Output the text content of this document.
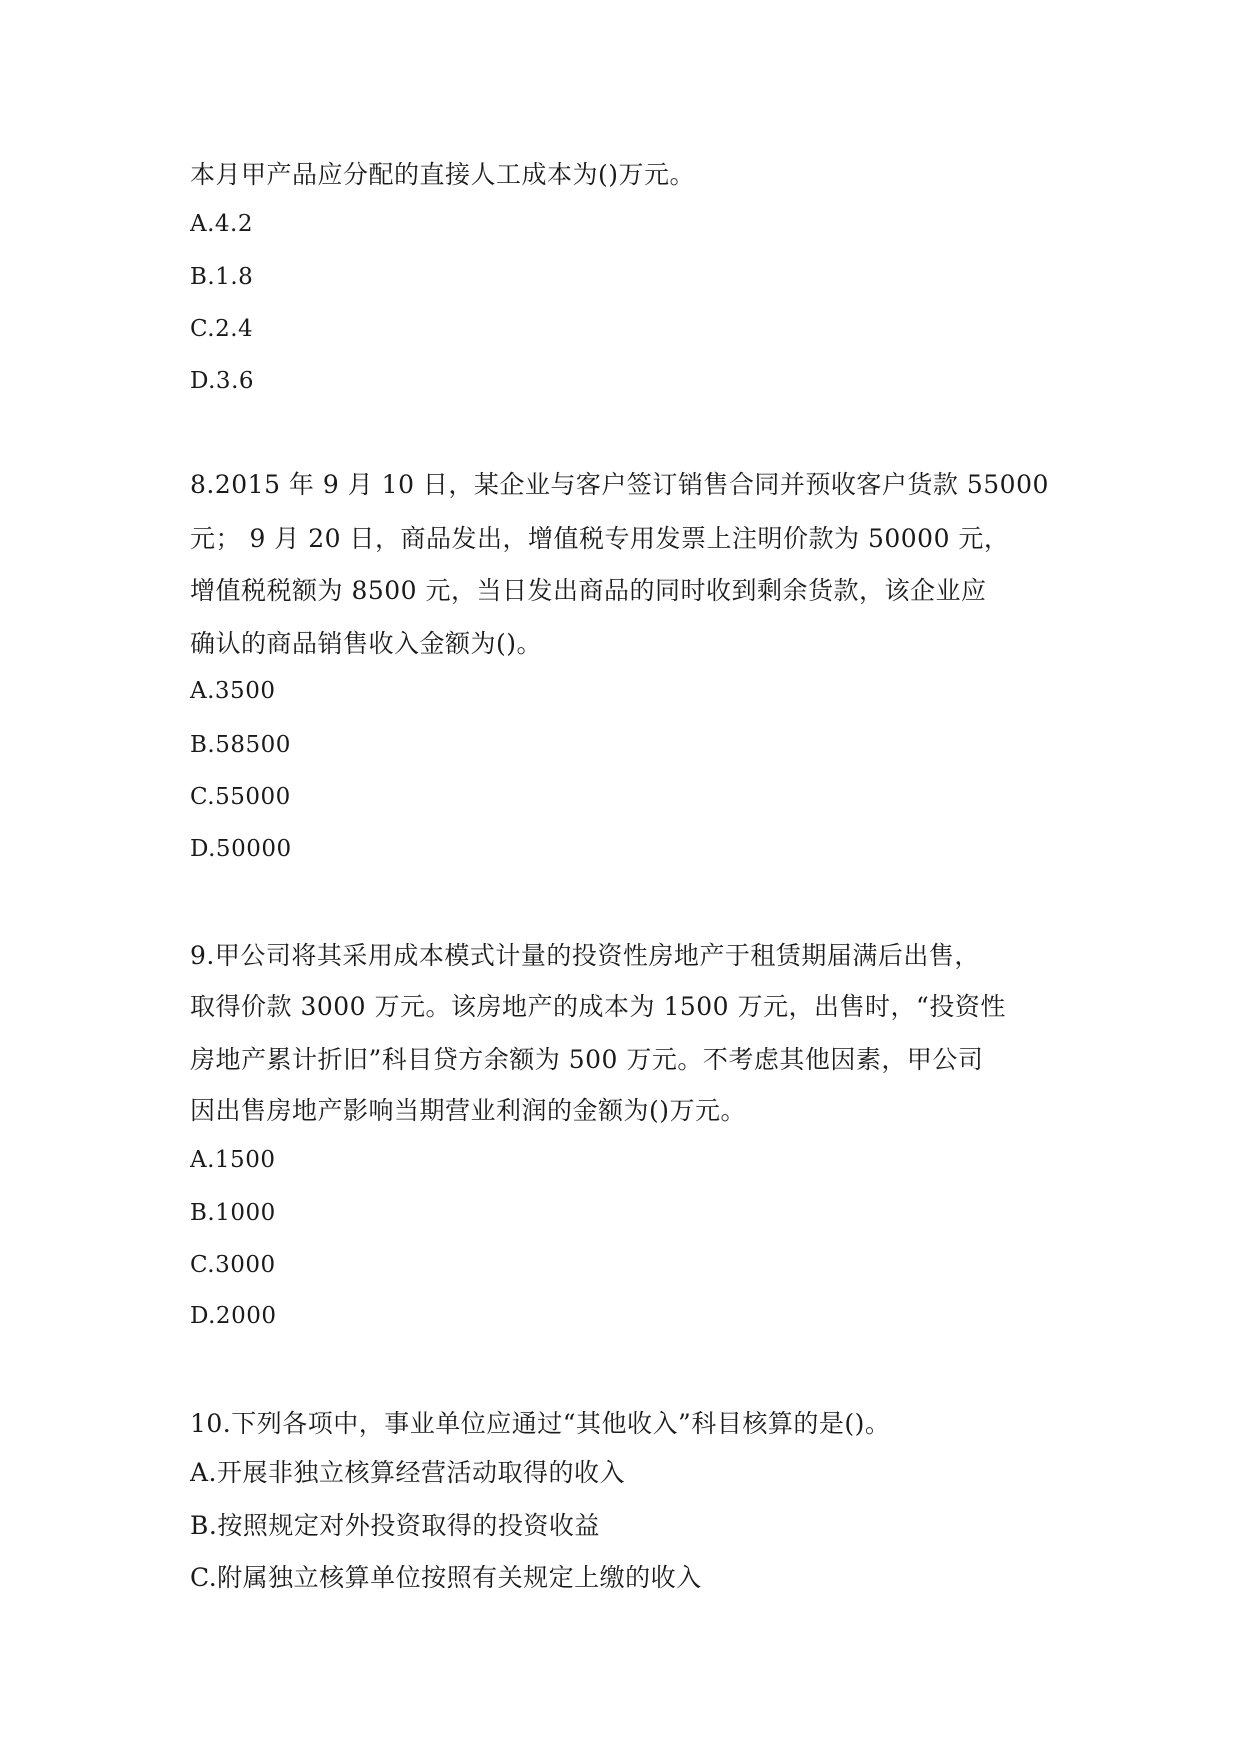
本月甲产品应分配的直接人工成本为()万元。
A.4.2
B.1.8
C.2.4
D.3.6
8.2015 年 9 月 10 日，某企业与客户签订销售合同并预收客户货款 55000
元； 9 月 20 日，商品发出，增值税专用发票上注明价款为 50000 元，
增值税税额为 8500 元，当日发出商品的同时收到剩余货款，该企业应
确认的商品销售收入金额为()。
A.3500
B.58500
C.55000
D.50000
9.甲公司将其采用成本模式计量的投资性房地产于租赁期届满后出售，
取得价款 3000 万元。该房地产的成本为 1500 万元，出售时，“投资性
房地产累计折旧”科目贷方余额为 500 万元。不考虑其他因素，甲公司
因出售房地产影响当期营业利润的金额为()万元。
A.1500
B.1000
C.3000
D.2000
10.下列各项中，事业单位应通过“其他收入”科目核算的是()。
A.开展非独立核算经营活动取得的收入
B.按照规定对外投资取得的投资收益
C.附属独立核算单位按照有关规定上缴的收入
